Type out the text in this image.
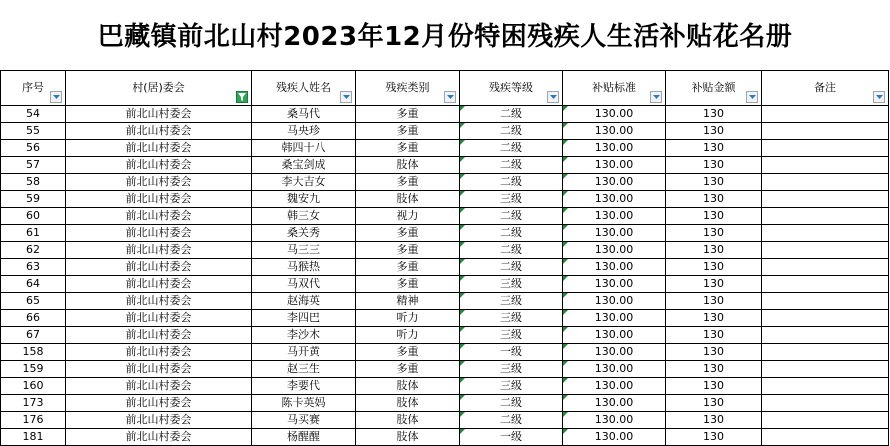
巴藏镇前北山村2023年12月份特困残疾人生活补贴花名册
序号	村(居)委会	残疾人姓名	残疾类别	残疾等级	补贴标准	补贴金额	备注

54	前北山村委会	桑马代	多重	二级	130.00	130	
55	前北山村委会	马央珍	多重	二级	130.00	130	
56	前北山村委会	韩四十八	多重	二级	130.00	130	
57	前北山村委会	桑宝剑成	肢体	二级	130.00	130	
58	前北山村委会	李大吉女	多重	二级	130.00	130	
59	前北山村委会	魏安九	肢体	三级	130.00	130	
60	前北山村委会	韩三女	视力	二级	130.00	130	
61	前北山村委会	桑关秀	多重	二级	130.00	130	
62	前北山村委会	马三三	多重	二级	130.00	130	
63	前北山村委会	马猴热	多重	二级	130.00	130	
64	前北山村委会	马双代	多重	三级	130.00	130	
65	前北山村委会	赵海英	精神	三级	130.00	130	
66	前北山村委会	李四巴	听力	三级	130.00	130	
67	前北山村委会	李沙木	听力	三级	130.00	130	
158	前北山村委会	马开黄	多重	一级	130.00	130	
159	前北山村委会	赵三生	多重	三级	130.00	130	
160	前北山村委会	李要代	肢体	三级	130.00	130	
173	前北山村委会	陈卡英妈	肢体	二级	130.00	130	
176	前北山村委会	马买赛	肢体	二级	130.00	130	
181	前北山村委会	杨醒醒	肢体	一级	130.00	130	
